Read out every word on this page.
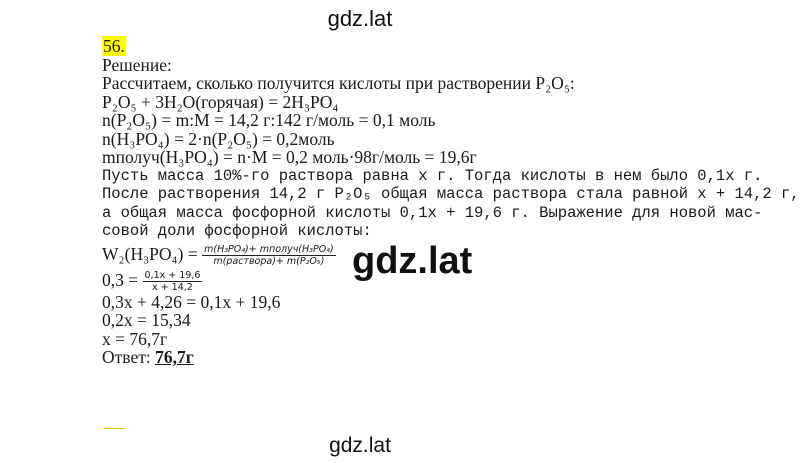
gdz.lat
56.
Решение:
Рассчитаем, сколько получится кислоты при растворении P₂O₅:
P₂O₅ + 3H₂O(горячая) = 2H₃PO₄
n(P₂O₅) = m:M = 14,2 г:142 г/моль = 0,1 моль
n(H₃PO₄) = 2·n(P₂O₅) = 0,2моль
mполуч(H₃PO₄) = n·M = 0,2 моль·98г/моль = 19,6г
Пусть масса 10%-го раствора равна x г. Тогда кислоты в нем было 0,1x г.
После растворения 14,2 г P₂O₅ общая масса раствора стала равной x + 14,2 г,
а общая масса фосфорной кислоты 0,1x + 19,6 г. Выражение для новой мас-
совой доли фосфорной кислоты:
$W_2(H_3PO_4) = \frac{\text{m(H₃PO₄)+ mполуч(H₃PO₄)}}{\text{m(раствора)+ m(P₂O₅)}}$
$0,3 = \frac{0,1x + 19,6}{x + 14,2}$
0,3x + 4,26 = 0,1x + 19,6
0,2x = 15,34
x = 76,7г
Ответ: 76,7г
gdz.lat
gdz.lat
